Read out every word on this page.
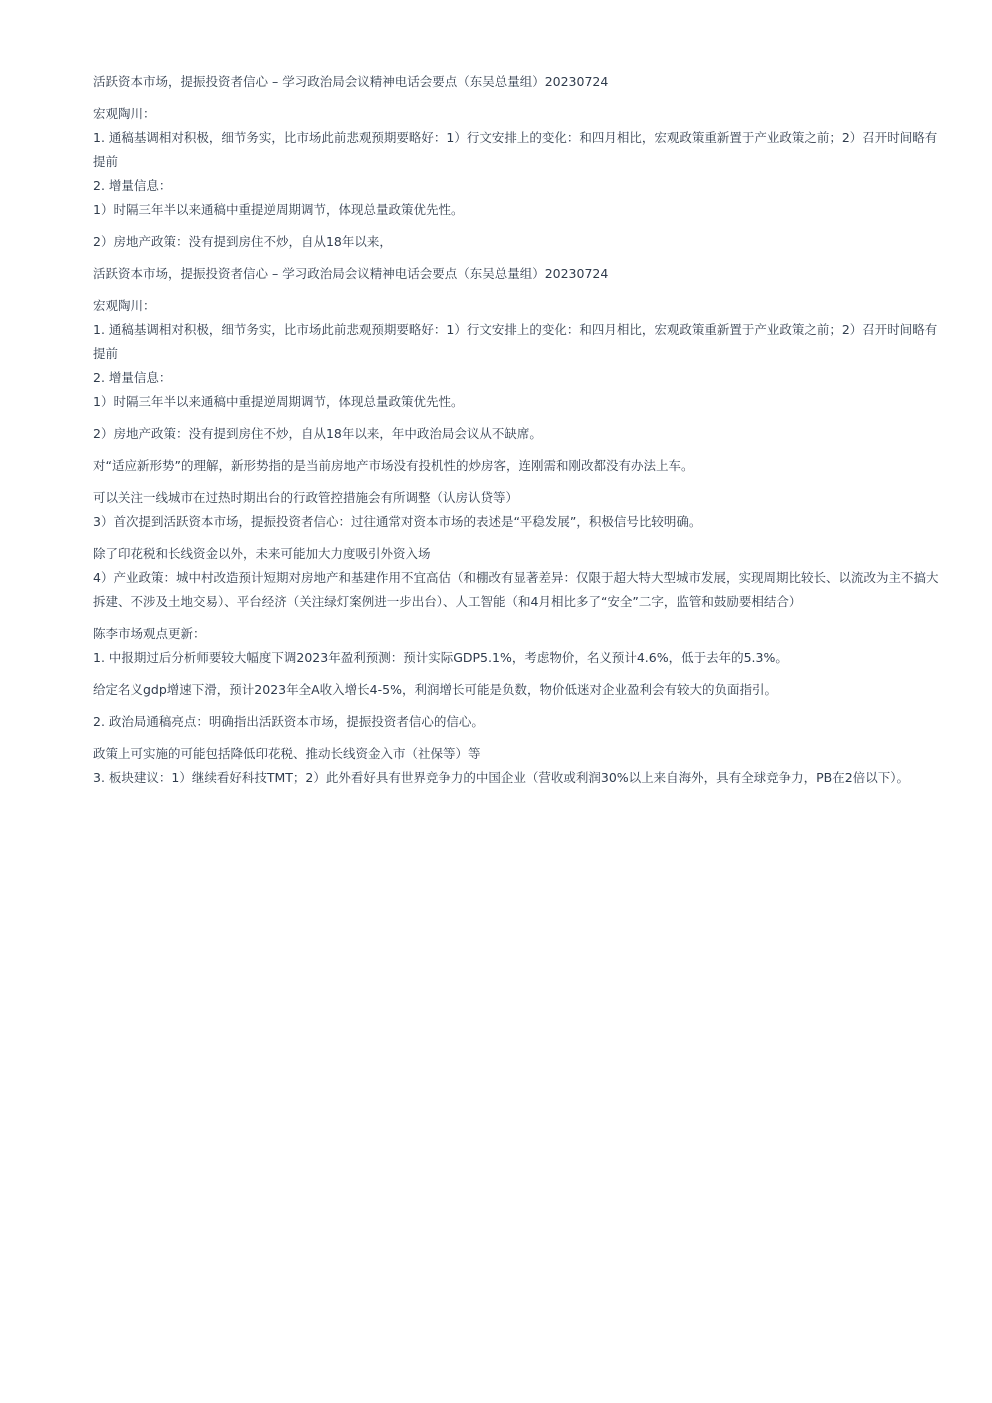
活跃资本市场，提振投资者信心 – 学习政治局会议精神电话会要点（东吴总量组）20230724

宏观陶川：

1. 通稿基调相对积极，细节务实，比市场此前悲观预期要略好：1）行文安排上的变化：和四月相比，宏观政策重新置于产业政策之前；2）召开时间略有提前

2. 增量信息：

1）时隔三年半以来通稿中重提逆周期调节，体现总量政策优先性。

2）房地产政策：没有提到房住不炒，自从18年以来，

活跃资本市场，提振投资者信心 – 学习政治局会议精神电话会要点（东吴总量组）20230724

宏观陶川：

1. 通稿基调相对积极，细节务实，比市场此前悲观预期要略好：1）行文安排上的变化：和四月相比，宏观政策重新置于产业政策之前；2）召开时间略有提前

2. 增量信息：

1）时隔三年半以来通稿中重提逆周期调节，体现总量政策优先性。

2）房地产政策：没有提到房住不炒，自从18年以来，年中政治局会议从不缺席。

对“适应新形势”的理解，新形势指的是当前房地产市场没有投机性的炒房客，连刚需和刚改都没有办法上车。

可以关注一线城市在过热时期出台的行政管控措施会有所调整（认房认贷等）

3）首次提到活跃资本市场，提振投资者信心：过往通常对资本市场的表述是“平稳发展”，积极信号比较明确。

除了印花税和长线资金以外，未来可能加大力度吸引外资入场

4）产业政策：城中村改造预计短期对房地产和基建作用不宜高估（和棚改有显著差异：仅限于超大特大型城市发展，实现周期比较长、以流改为主不搞大拆建、不涉及土地交易）、平台经济（关注绿灯案例进一步出台）、人工智能（和4月相比多了“安全”二字，监管和鼓励要相结合）

陈李市场观点更新：

1. 中报期过后分析师要较大幅度下调2023年盈利预测：预计实际GDP5.1%，考虑物价，名义预计4.6%，低于去年的5.3%。

给定名义gdp增速下滑，预计2023年全A收入增长4-5%，利润增长可能是负数，物价低迷对企业盈利会有较大的负面指引。

2. 政治局通稿亮点：明确指出活跃资本市场，提振投资者信心的信心。

政策上可实施的可能包括降低印花税、推动长线资金入市（社保等）等

3. 板块建议：1）继续看好科技TMT；2）此外看好具有世界竞争力的中国企业（营收或利润30%以上来自海外，具有全球竞争力，PB在2倍以下）。
